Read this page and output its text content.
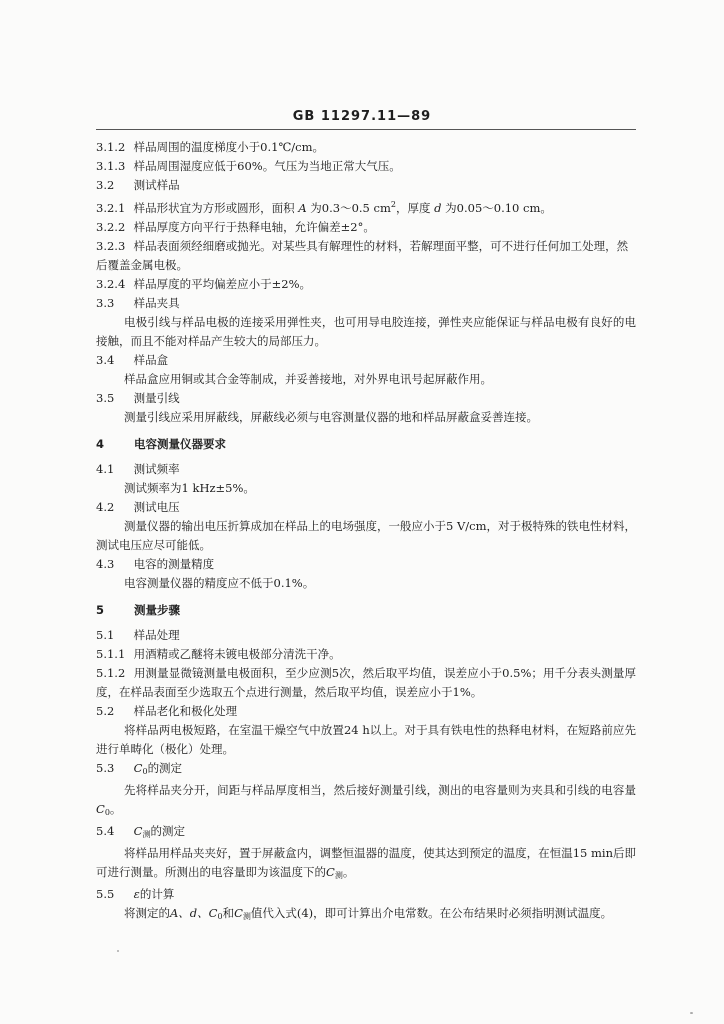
GB 11297.11—89

3.1.2 样品周围的温度梯度小于0.1℃/cm。

3.1.3 样品周围湿度应低于60%。气压为当地正常大气压。

3.2 测试样品

3.2.1 样品形状宜为方形或圆形，面积 A 为0.3～0.5 $cm^2$，厚度 d 为0.05～0.10 cm。

3.2.2 样品厚度方向平行于热释电轴，允许偏差±2°。

3.2.3 样品表面须经细磨或抛光。对某些具有解理性的材料，若解理面平整，可不进行任何加工处理，然后覆盖金属电极。

3.2.4 样品厚度的平均偏差应小于±2%。

3.3 样品夹具

电极引线与样品电极的连接采用弹性夹，也可用导电胶连接，弹性夹应能保证与样品电极有良好的电接触，而且不能对样品产生较大的局部压力。

3.4 样品盒

样品盒应用铜或其合金等制成，并妥善接地，对外界电讯号起屏蔽作用。

3.5 测量引线

测量引线应采用屏蔽线，屏蔽线必须与电容测量仪器的地和样品屏蔽盒妥善连接。

4	电容测量仪器要求

4.1 测试频率

测试频率为1 kHz±5%。

4.2 测试电压

测量仪器的输出电压折算成加在样品上的电场强度，一般应小于5 V/cm，对于极特殊的铁电性材料，测试电压应尽可能低。

4.3 电容的测量精度

电容测量仪器的精度应不低于0.1%。

5	测量步骤

5.1 样品处理

5.1.1 用酒精或乙醚将未镀电极部分清洗干净。

5.1.2 用测量显微镜测量电极面积，至少应测5次，然后取平均值，误差应小于0.5%；用千分表头测量厚度，在样品表面至少选取五个点进行测量，然后取平均值，误差应小于1%。

5.2 样品老化和极化处理

将样品两电极短路，在室温干燥空气中放置24 h以上。对于具有铁电性的热释电材料，在短路前应先进行单畴化（极化）处理。

5.3 $C_0$的测定

先将样品夹分开，间距与样品厚度相当，然后接好测量引线，测出的电容量则为夹具和引线的电容量$C_0$。

5.4 $C_测$的测定

将样品用样品夹夹好，置于屏蔽盒内，调整恒温器的温度，使其达到预定的温度，在恒温15 min后即可进行测量。所测出的电容量即为该温度下的$C_测$。

5.5 ε的计算

将测定的A、d、$C_0$和$C_测$值代入式(4)，即可计算出介电常数。在公布结果时必须指明测试温度。
